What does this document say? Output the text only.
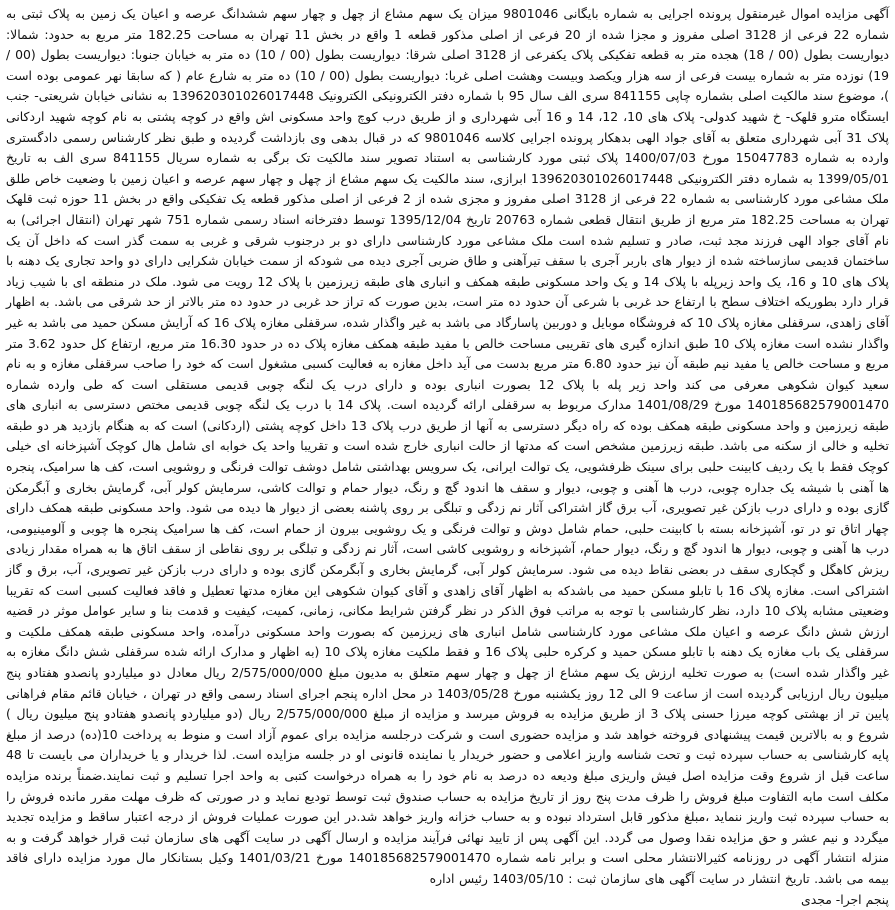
آگهی مزایده اموال غیرمنقول پرونده اجرایی به شماره بایگانی 9801046 میزان یک سهم مشاع از چهل و چهار سهم ششدانگ عرصه و اعیان یک زمین به پلاک ثبتی به شماره 22 فرعی از 3128 اصلی مفروز و مجزا شده از 20 فرعی از اصلی مذکور قطعه 1 واقع در بخش 11 تهران به مساحت 182.25 متر مربع به حدود: شمالا: دیواریست بطول (00 / 18) هجده متر به قطعه تفکیکی پلاک یکفرعی از 3128 اصلی شرقا: دیواریست بطول (00 / 10) ده متر به خیابان جنوبا: دیواریست بطول (00 / 19) نوزده متر به شماره بیست فرعی از سه هزار ویکصد وبیست وهشت اصلی غربا: دیواریست بطول (00 / 10) ده متر به شارع عام ( که سابقا نهر عمومی بوده است )، موضوع سند مالکیت اصلی بشماره چاپی 841155 سری الف سال 95 با شماره دفتر الکترونیکی الکترونیک 139620301026017448 به نشانی خیابان شریعتی- جنب ایستگاه مترو قلهک- خ شهید کدولی- پلاک های 10، 12، 14 و 16 آبی شهرداری و از طریق درب کوچ واحد مسکونی اش واقع در کوچه پشتی به نام کوچه شهید اردکانی پلاک 31 آبی شهرداری متعلق به آقای جواد الهی بدهکار پرونده اجرایی کلاسه 9801046 که در قبال بدهی وی بازداشت گردیده و طبق نظر کارشناس رسمی دادگستری وارده به شماره 15047783 مورخ 1400/07/03 پلاک ثبتی مورد کارشناسی به استناد تصویر سند مالکیت تک برگی به شماره سریال 841155 سری الف به تاریخ 1399/05/01 به شماره دفتر الکترونیکی 139620301026017448 ابرازی، سند مالکیت یک سهم مشاع از چهل و چهار سهم عرصه و اعیان زمین با وضعیت خاص طلق ملک مشاعی مورد کارشناسی به شماره 22 فرعی از 3128 اصلی مفروز و مجزی شده از 2 فرعی از اصلی مذکور قطعه یک تفکیکی واقع در بخش 11 حوزه ثبت قلهک تهران به مساحت 182.25 متر مربع از طریق انتقال قطعی شماره 20763 تاریخ 1395/12/04 توسط دفترخانه اسناد رسمی شماره 751 شهر تهران (انتقال اجرائی) به نام آقای جواد الهی فرزند مجد ثبت، صادر و تسلیم شده است ملک مشاعی مورد کارشناسی دارای دو بر درجنوب شرقی و غربی به سمت گذر است که داخل آن یک ساختمان قدیمی سازساخته شده از دیوار های باربر آجری با سقف تیرآهنی و طاق ضربی آجری دیده می شودکه از سمت خیابان شکرایی دارای دو واحد تجاری یک دهنه با پلاک های 10 و 16، یک واحد زیرپله با پلاک 14 و یک واحد مسکونی طبقه همکف و انباری های طبقه زیرزمین با پلاک 12 رویت می شود. ملک در منطقه ای با شیب زیاد قرار دارد بطوریکه اختلاف سطح با ارتفاع حد غربی با شرعی آن حدود ده متر است، بدین صورت که تراز حد غربی در حدود ده متر بالاتر از حد شرقی می باشد. به اظهار آقای زاهدی، سرقفلی مغازه پلاک 10 که فروشگاه موبایل و دوربین پاسارگاد می باشد به غیر واگذار شده، سرقفلی مغازه پلاک 16 که آرایش مسکن حمید می باشد به غیر واگذار نشده است مغازه پلاک 10 طبق اندازه گیری های تقریبی مساحت خالص با مفید طبقه همکف مغازه پلاک ده در حدود 16.30 متر مربع، ارتفاع کل حدود 3.62 متر مربع و مساحت خالص یا مفید نیم طبقه آن نیز حدود 6.80 متر مربع بدست می آید داخل مغازه به فعالیت کسبی مشغول است که خود را صاحب سرقفلی مغازه و به نام سعید کیوان شکوهی معرفی می کند واحد زیر پله با پلاک 12 بصورت انباری بوده و دارای درب یک لنگه چوبی قدیمی مستقلی است که طی وارده شماره 140185682579001470 مورخ 1401/08/29 مدارک مربوط به سرقفلی ارائه گردیده است. پلاک 14 با درب یک لنگه چوبی قدیمی مختص دسترسی به انباری های طبقه زیرزمین و واحد مسکونی طبقه همکف بوده که راه دیگر دسترسی به آنها از طریق درب پلاک 13 داخل کوچه پشتی (اردکانی) است که به هنگام بازدید هر دو طبقه تخلیه و خالی از سکنه می باشد. طبقه زیرزمین مشخص است که مدتها از حالت انباری خارج شده است و تقریبا واحد یک خوابه ای شامل هال کوچک آشپزخانه ای خیلی کوچک فقط با یک ردیف کابینت حلبی برای سینک ظرفشویی، یک توالت ایرانی، یک سرویس بهداشتی شامل دوشف توالت فرنگی و روشویی است، کف ها سرامیک، پنجره ها آهنی با شیشه یک جداره چوبی، درب ها آهنی و چوبی، دیوار و سقف ها اندود گچ و رنگ، دیوار حمام و توالت کاشی، سرمایش کولر آبی، گرمایش بخاری و آبگرمکن گازی بوده و دارای درب بازکن غیر تصویری، آب برق گاز اشتراکی آثار نم زدگی و تبلگی بر روی پاشنه بعضی از دیوار ها دیده می شود. واحد مسکونی طبقه همکف دارای چهار اتاق تو در تو، آشپزخانه بسته با کابینت حلبی، حمام شامل دوش و توالت فرنگی و یک روشویی بیرون از حمام است، کف ها سرامیک پنجره ها چوبی و آلومینیومی، درب ها آهنی و چوبی، دیوار ها اندود گچ و رنگ، دیوار حمام، آشپزخانه و روشویی کاشی است، آثار نم زدگی و تبلگی بر روی نقاطی از سقف اتاق ها به همراه مقدار زیادی ریزش کاهگل و گچکاری سقف در بعضی نقاط دیده می شود. سرمایش کولر آبی، گرمایش بخاری و آبگرمکن گازی بوده و دارای درب بازکن غیر تصویری، آب، برق و گاز اشتراکی است. مغازه پلاک 16 با تابلو مسکن حمید می باشدکه به اظهار آقای زاهدی و آقای کیوان شکوهی این مغازه مدتها تعطیل و فاقد فعالیت کسبی است که تقریبا وضعیتی مشابه پلاک 10 دارد، نظر کارشناسی با توجه به مراتب فوق الذکر در نظر گرفتن شرایط مکانی، زمانی، کمیت، کیفیت و قدمت بنا و سایر عوامل موثر در قضیه ارزش شش دانگ عرصه و اعیان ملک مشاعی مورد کارشناسی شامل انباری های زیرزمین که بصورت واحد مسکونی درآمده، واحد مسکونی طبقه همکف ملکیت و سرقفلی یک باب مغازه یک دهنه با تابلو مسکن حمید و کرکره حلبی پلاک 16 و فقط ملکیت مغازه پلاک 10 (به اظهار و مدارک ارائه شده سرقفلی شش دانگ مغازه به غیر واگذار شده است) به صورت تخلیه ارزش یک سهم مشاع از چهل و چهار سهم متعلق به مدیون مبلغ 2/575/000/000 ریال معادل دو میلیاردو پانصدو هفتادو پنج میلیون ریال ارزیابی گردیده است از ساعت 9 الی 12 روز یکشنبه مورخ 1403/05/28 در محل اداره پنجم اجرای اسناد رسمی واقع در تهران ، خیابان قائم مقام فراهانی پایین تر از بهشتی کوچه میرزا حسنی پلاک 3 از طریق مزایده به فروش میرسد و مزایده از مبلغ 2/575/000/000 ریال (دو میلیاردو پانصدو هفتادو پنج میلیون ریال ) شروع و به بالاترین قیمت پیشنهادی فروخته خواهد شد و مزایده حضوری است و شرکت درجلسه مزایده برای عموم آزاد است و منوط به پرداخت 10(ده) درصد از مبلغ پایه کارشناسی به حساب سپرده ثبت و تحت شناسه واریز اعلامی و حضور خریدار یا نماینده قانونی او در جلسه مزایده است. لذا خریدار و یا خریداران می بایست تا 48 ساعت قبل از شروع وقت مزایده اصل فیش واریزی مبلغ ودیعه ده درصد به نام خود را به همراه درخواست کتبی به واحد اجرا تسلیم و ثبت نمایند.ضمناً برنده مزایده مکلف است مابه التفاوت مبلغ فروش را ظرف مدت پنج روز از تاریخ مزایده به حساب صندوق ثبت توسط تودیع نماید و در صورتی که ظرف مهلت مقرر مانده فروش را به حساب سپرده ثبت واریز ننماید ،مبلغ مذکور قابل استرداد نبوده و به حساب خزانه واریز خواهد شد.در این صورت عملیات فروش از درجه اعتبار ساقط و مزایده تجدید میگردد و نیم عشر و حق مزایده نقدا وصول می گردد. این آگهی پس از تایید نهائی فرآیند مزایده و ارسال آگهی در سایت آگهی های سازمان ثبت قرار خواهد گرفت و به منزله انتشار آگهی در روزنامه کثیرالانتشار محلی است و برابر نامه شماره 140185682579001470 مورخ 1401/03/21 وکیل بستانکار مال مورد مزایده دارای فاقد بیمه می باشد. تاریخ انتشار در سایت آگهی های سازمان ثبت : 1403/05/10 رئیس اداره

پنجم اجرا- مجدی
